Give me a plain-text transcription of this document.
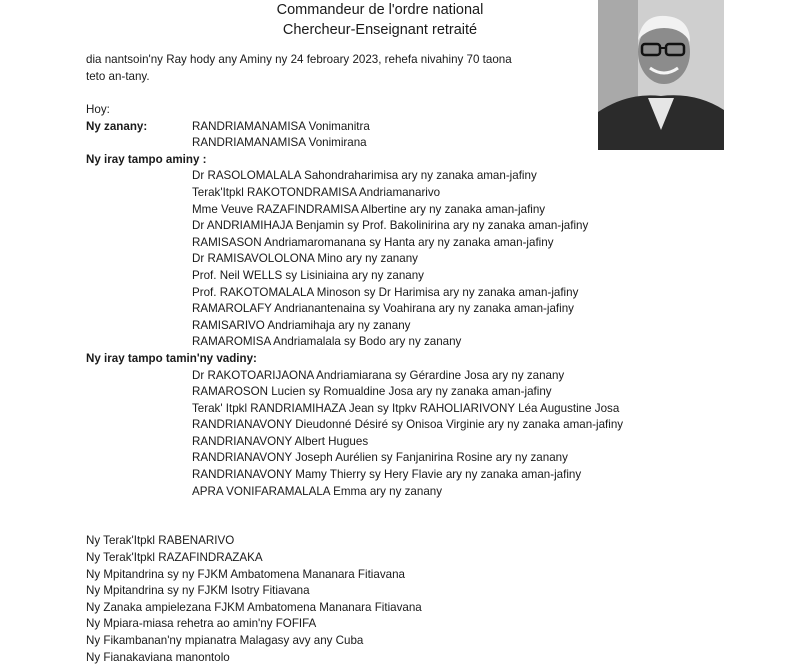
Commandeur de l'ordre national
Chercheur-Enseignant retraité
dia nantsoin'ny Ray hody any Aminy ny 24 febroary 2023, rehefa nivahiny 70 taona
teto an-tany.
Hoy:
Ny zanany:	RANDRIAMANAMISA Vonimanitra
RANDRIAMANAMISA Vonimirana
Ny iray tampo aminy :
Dr RASOLOMALALA Sahondraharimisa ary ny zanaka aman-jafiny
Terak'Itpkl RAKOTONDRAMISA Andriamanarivo
Mme Veuve RAZAFINDRAMISA Albertine ary ny zanaka aman-jafiny
Dr ANDRIAMIHAJA Benjamin sy Prof. Bakolinirina ary ny zanaka aman-jafiny
RAMISASON Andriamaromanana sy Hanta ary ny zanaka aman-jafiny
Dr RAMISAVOLOLONA Mino ary ny zanany
Prof. Neil WELLS sy Lisiniaina ary ny zanany
Prof. RAKOTOMALALA Minoson sy Dr Harimisa ary ny zanaka aman-jafiny
RAMAROLAFY Andrianantenaina sy Voahirana ary ny zanaka aman-jafiny
RAMISARIVO Andriamihaja ary ny zanany
RAMAROMISA Andriamalala sy Bodo ary ny zanany
Ny iray tampo tamin'ny vadiny:
Dr RAKOTOARIJAONA Andriamiarana sy Gérardine Josa ary ny zanany
RAMAROSON Lucien sy Romualdine Josa ary ny zanaka aman-jafiny
Terak' Itpkl RANDRIAMIHAZA Jean sy Itpkv RAHOLIARIVONY Léa Augustine Josa
RANDRIANAVONY Dieudonné Désiré sy Onisoa Virginie ary ny zanaka aman-jafiny
RANDRIANAVONY Albert Hugues
RANDRIANAVONY Joseph Aurélien sy Fanjanirina Rosine ary ny zanany
RANDRIANAVONY Mamy Thierry sy Hery Flavie ary ny zanaka aman-jafiny
APRA VONIFARAMALALA Emma ary ny zanany
Ny Terak'Itpkl RABENARIVO
Ny Terak'Itpkl RAZAFINDRAZAKA
Ny Mpitandrina sy ny FJKM Ambatomena Mananara Fitiavana
Ny Mpitandrina sy ny FJKM Isotry Fitiavana
Ny Zanaka ampielezana FJKM Ambatomena Mananara Fitiavana
Ny Mpiara-miasa rehetra ao amin'ny FOFIFA
Ny Fikambanan'ny mpianatra Malagasy avy any Cuba
Ny Fianakaviana manontolo
